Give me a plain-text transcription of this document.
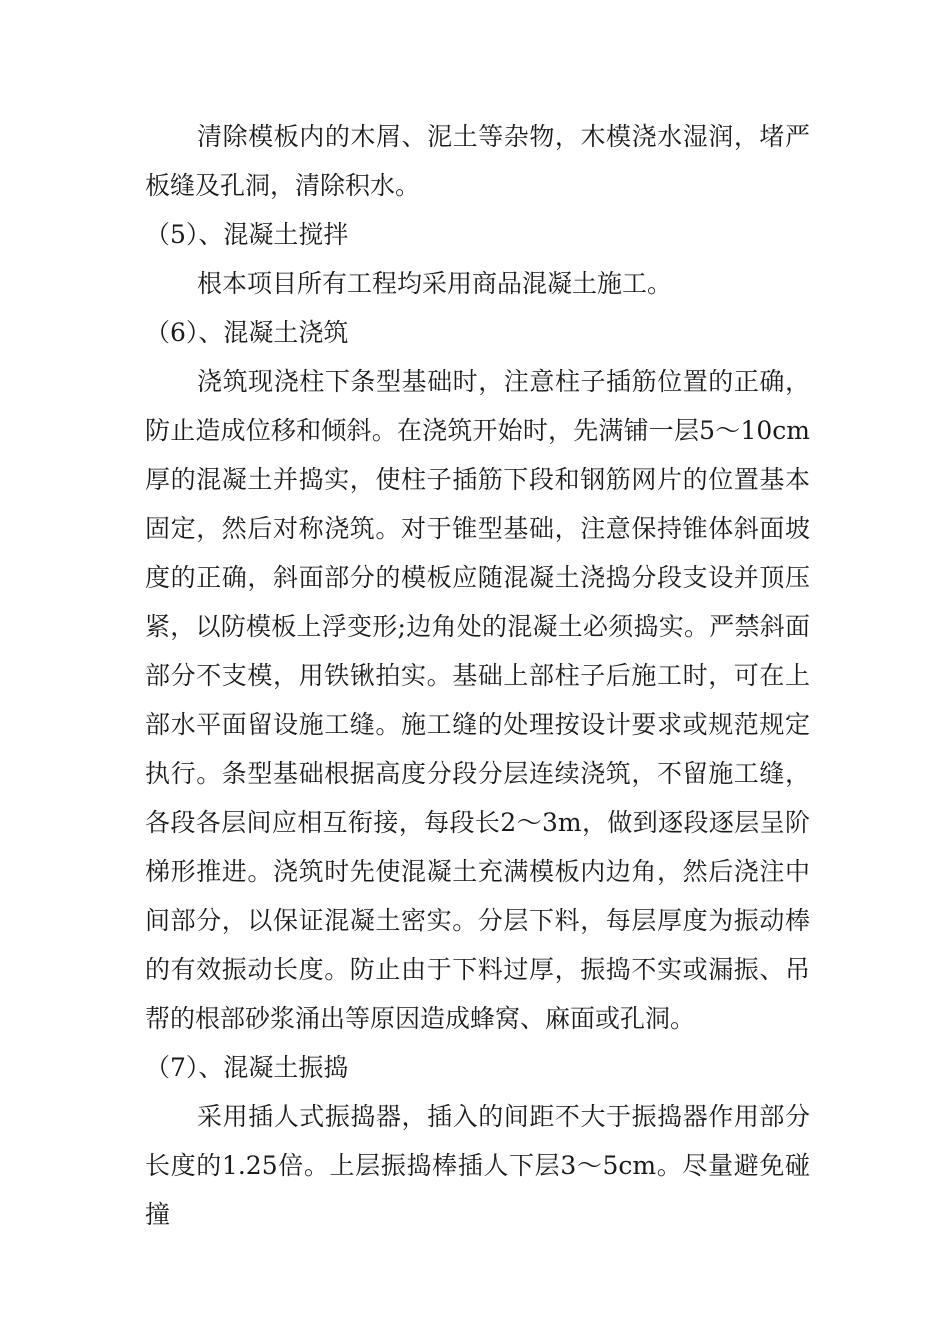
清除模板内的木屑、泥土等杂物，木模浇水湿润，堵严板缝及孔洞，清除积水。

（5）、混凝土搅拌

根本项目所有工程均采用商品混凝土施工。

（6）、混凝土浇筑

浇筑现浇柱下条型基础时，注意柱子插筋位置的正确，防止造成位移和倾斜。在浇筑开始时，先满铺一层5～10cm厚的混凝土并捣实，使柱子插筋下段和钢筋网片的位置基本固定，然后对称浇筑。对于锥型基础，注意保持锥体斜面坡度的正确，斜面部分的模板应随混凝土浇捣分段支设并顶压紧，以防模板上浮变形;边角处的混凝土必须捣实。严禁斜面部分不支模，用铁锹拍实。基础上部柱子后施工时，可在上部水平面留设施工缝。施工缝的处理按设计要求或规范规定执行。条型基础根据高度分段分层连续浇筑，不留施工缝，各段各层间应相互衔接，每段长2～3m，做到逐段逐层呈阶梯形推进。浇筑时先使混凝土充满模板内边角，然后浇注中间部分，以保证混凝土密实。分层下料，每层厚度为振动棒的有效振动长度。防止由于下料过厚，振捣不实或漏振、吊帮的根部砂浆涌出等原因造成蜂窝、麻面或孔洞。

（7）、混凝土振捣

采用插人式振捣器，插入的间距不大于振捣器作用部分长度的1.25倍。上层振捣棒插人下层3～5cm。尽量避免碰撞
